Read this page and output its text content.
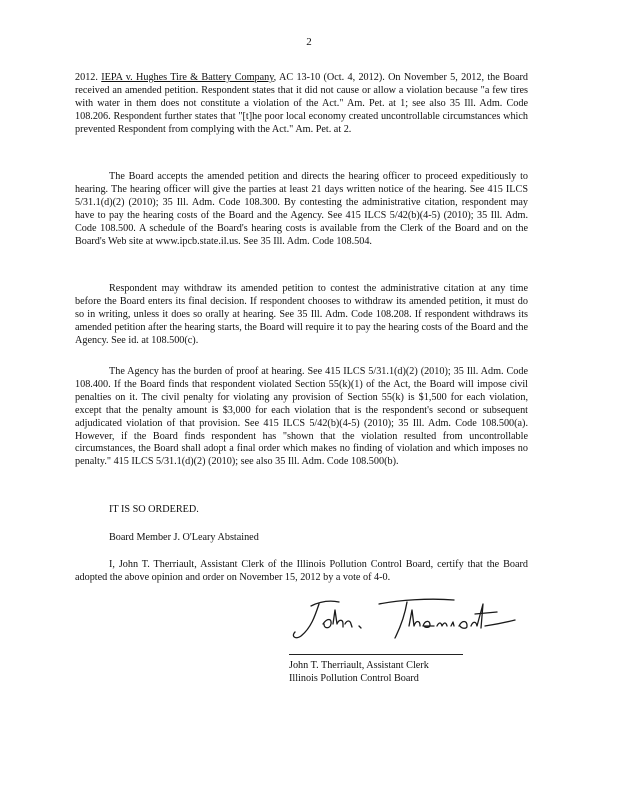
2

2012. IEPA v. Hughes Tire & Battery Company, AC 13-10 (Oct. 4, 2012). On November 5, 2012, the Board received an amended petition. Respondent states that it did not cause or allow a violation because "a few tires with water in them does not constitute a violation of the Act." Am. Pet. at 1; see also 35 Ill. Adm. Code 108.206. Respondent further states that "[t]he poor local economy created uncontrollable circumstances which prevented Respondent from complying with the Act." Am. Pet. at 2.

The Board accepts the amended petition and directs the hearing officer to proceed expeditiously to hearing. The hearing officer will give the parties at least 21 days written notice of the hearing. See 415 ILCS 5/31.1(d)(2) (2010); 35 Ill. Adm. Code 108.300. By contesting the administrative citation, respondent may have to pay the hearing costs of the Board and the Agency. See 415 ILCS 5/42(b)(4-5) (2010); 35 Ill. Adm. Code 108.500. A schedule of the Board's hearing costs is available from the Clerk of the Board and on the Board's Web site at www.ipcb.state.il.us. See 35 Ill. Adm. Code 108.504.

Respondent may withdraw its amended petition to contest the administrative citation at any time before the Board enters its final decision. If respondent chooses to withdraw its amended petition, it must do so in writing, unless it does so orally at hearing. See 35 Ill. Adm. Code 108.208. If respondent withdraws its amended petition after the hearing starts, the Board will require it to pay the hearing costs of the Board and the Agency. See id. at 108.500(c).

The Agency has the burden of proof at hearing. See 415 ILCS 5/31.1(d)(2) (2010); 35 Ill. Adm. Code 108.400. If the Board finds that respondent violated Section 55(k)(1) of the Act, the Board will impose civil penalties on it. The civil penalty for violating any provision of Section 55(k) is $1,500 for each violation, except that the penalty amount is $3,000 for each violation that is the respondent's second or subsequent adjudicated violation of that provision. See 415 ILCS 5/42(b)(4-5) (2010); 35 Ill. Adm. Code 108.500(a). However, if the Board finds respondent has "shown that the violation resulted from uncontrollable circumstances, the Board shall adopt a final order which makes no finding of violation and which imposes no penalty." 415 ILCS 5/31.1(d)(2) (2010); see also 35 Ill. Adm. Code 108.500(b).

IT IS SO ORDERED.
Board Member J. O'Leary Abstained

I, John T. Therriault, Assistant Clerk of the Illinois Pollution Control Board, certify that the Board adopted the above opinion and order on November 15, 2012 by a vote of 4-0.

John T. Therriault, Assistant Clerk
Illinois Pollution Control Board
